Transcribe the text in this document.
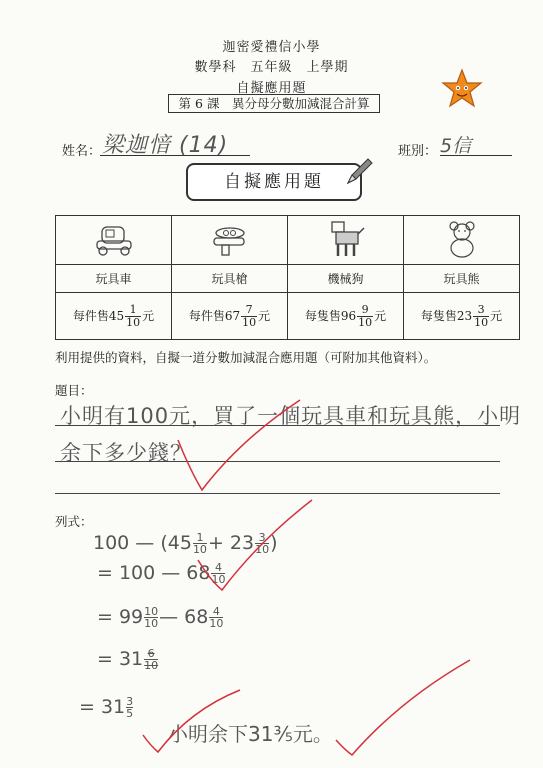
迦密愛禮信小學
數學科　五年級　上學期
自擬應用題
第 6 課　異分母分數加減混合計算
姓名： 梁迦愔 (14)	班別： 5信
自擬應用題

玩具車	玩具槍	機械狗	玩具熊
每件售$45 \frac{1}{10}$ 元	每件售$67 \frac{7}{10}$ 元	每隻售$96 \frac{9}{10}$ 元	每隻售$23 \frac{3}{10}$ 元
利用提供的資料，自擬一道分數加減混合應用題（可附加其他資料）。
題目：
小明有100元，買了一個玩具車和玩具熊，小明
余下多少錢？
列式：
100 — ($45 \frac{1}{10} + 23 \frac{3}{10}$ )
= 100 — $68 \frac{4}{10}$
= $99 \frac{10}{10}$ — $68 \frac{4}{10}$
= $31 \frac{6}{10}$
= $31 \frac{3}{5}$
小明余下31⅗元。
